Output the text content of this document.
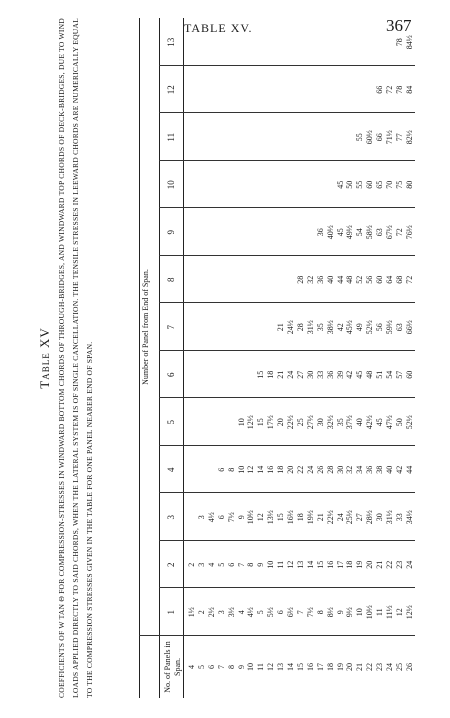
TABLE XV.	367
Table XV COEFFICIENTS OF W TAN Θ FOR COMPRESSION-STRESSES IN WINDWARD BOTTOM CHORDS OF THROUGH-BRIDGES, AND WINDWARD TOP CHORDS OF DECK-BRIDGES, DUE TO WIND LOADS APPLIED DIRECTLY TO SAID CHORDS, WHEN THE LATERAL SYSTEM IS OF SINGLE CANCELLATION. THE TENSILE STRESSES IN LEEWARD CHORDS ARE NUMERICALLY EQUAL TO THE COMPRESSION STRESSES GIVEN IN THE TABLE FOR ONE PANEL NEARER END OF SPAN.	No. of Panels in Span.
Number of Panel from End of Span.
1
2
3
4
5
6
7
8
9
10
11
12
13
4
1½
2
5
2
3
3
6
2½
4
4½
7
3
5
6
6
8
3½
6
7½
8
9
4
7
9
10
10
10
4½
8
10½
12
12½
11
5
9
12
14
15
15
12
5½
10
13½
16
17½
18
13
6
11
15
18
20
21
21
14
6½
12
16½
20
22½
24
24½
15
7
13
18
22
25
27
28
28
16
7½
14
19½
24
27½
30
31½
32
17
8
15
21
26
30
33
35
36
36
18
8½
16
22½
28
32½
36
38½
40
40½
19
9
17
24
30
35
39
42
44
45
45
20
9½
18
25½
32
37½
42
45½
48
49½
50
21
10
19
27
34
40
45
49
52
54
55
55
22
10½
20
28½
36
42½
48
52½
56
58½
60
60½
23
11
21
30
38
45
51
56
60
63
65
66
66
24
11½
22
31½
40
47½
54
59½
64
67½
70
71½
72
25
12
23
33
42
50
57
63
68
72
75
77
78
78
26
12½
24
34½
44
52½
60
66½
72
76½
80
82½
84
84½
